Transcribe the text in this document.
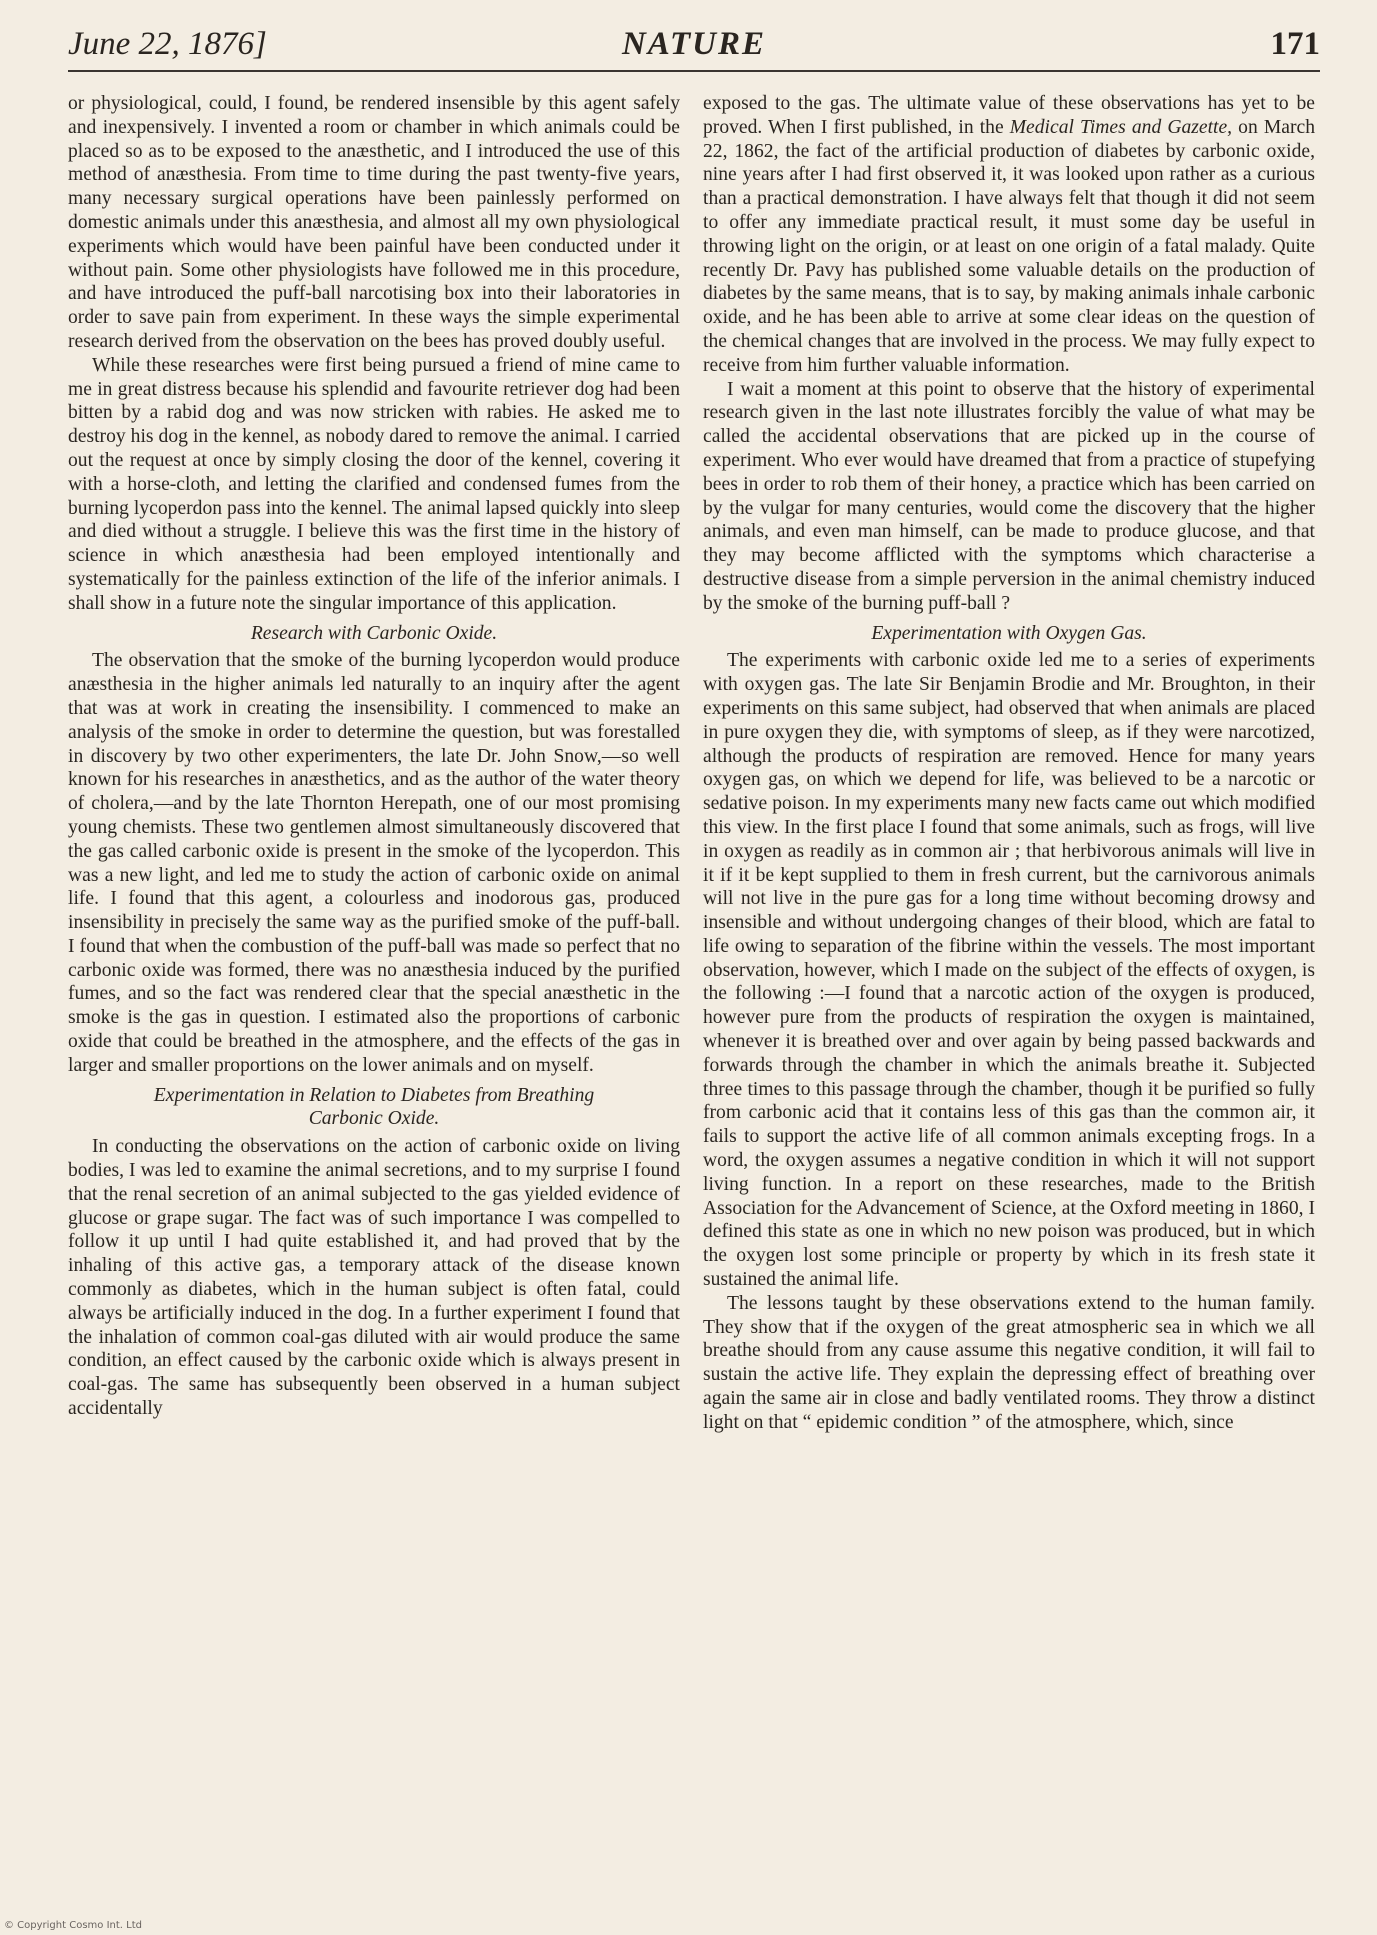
June 22, 1876]	NATURE	171

or physiological, could, I found, be rendered insensible by this agent safely and inexpensively. I invented a room or chamber in which animals could be placed so as to be exposed to the anæsthetic, and I introduced the use of this method of anæsthesia. From time to time during the past twenty-five years, many necessary surgical operations have been painlessly performed on domestic animals under this anæsthesia, and almost all my own physiological experiments which would have been painful have been conducted under it without pain. Some other physiologists have followed me in this procedure, and have introduced the puff-ball narcotising box into their laboratories in order to save pain from experiment. In these ways the simple experimental research derived from the observation on the bees has proved doubly useful.

While these researches were first being pursued a friend of mine came to me in great distress because his splendid and favourite retriever dog had been bitten by a rabid dog and was now stricken with rabies. He asked me to destroy his dog in the kennel, as nobody dared to remove the animal. I carried out the request at once by simply closing the door of the kennel, covering it with a horse-cloth, and letting the clarified and condensed fumes from the burning lycoperdon pass into the kennel. The animal lapsed quickly into sleep and died without a struggle. I believe this was the first time in the history of science in which anæsthesia had been employed intentionally and systematically for the painless extinction of the life of the inferior animals. I shall show in a future note the singular importance of this application.

Research with Carbonic Oxide.

The observation that the smoke of the burning lycoperdon would produce anæsthesia in the higher animals led naturally to an inquiry after the agent that was at work in creating the insensibility. I commenced to make an analysis of the smoke in order to determine the question, but was forestalled in discovery by two other experimenters, the late Dr. John Snow,—so well known for his researches in anæsthetics, and as the author of the water theory of cholera,—and by the late Thornton Herepath, one of our most promising young chemists. These two gentlemen almost simultaneously discovered that the gas called carbonic oxide is present in the smoke of the lycoperdon. This was a new light, and led me to study the action of carbonic oxide on animal life. I found that this agent, a colourless and inodorous gas, produced insensibility in precisely the same way as the purified smoke of the puff-ball. I found that when the combustion of the puff-ball was made so perfect that no carbonic oxide was formed, there was no anæsthesia induced by the purified fumes, and so the fact was rendered clear that the special anæsthetic in the smoke is the gas in question. I estimated also the proportions of carbonic oxide that could be breathed in the atmosphere, and the effects of the gas in larger and smaller proportions on the lower animals and on myself.

Experimentation in Relation to Diabetes from Breathing
Carbonic Oxide.

In conducting the observations on the action of carbonic oxide on living bodies, I was led to examine the animal secretions, and to my surprise I found that the renal secretion of an animal subjected to the gas yielded evidence of glucose or grape sugar. The fact was of such importance I was compelled to follow it up until I had quite established it, and had proved that by the inhaling of this active gas, a temporary attack of the disease known commonly as diabetes, which in the human subject is often fatal, could always be artificially induced in the dog. In a further experiment I found that the inhalation of common coal-gas diluted with air would produce the same condition, an effect caused by the carbonic oxide which is always present in coal-gas. The same has subsequently been observed in a human subject accidentally

exposed to the gas. The ultimate value of these observations has yet to be proved. When I first published, in the Medical Times and Gazette, on March 22, 1862, the fact of the artificial production of diabetes by carbonic oxide, nine years after I had first observed it, it was looked upon rather as a curious than a practical demonstration. I have always felt that though it did not seem to offer any immediate practical result, it must some day be useful in throwing light on the origin, or at least on one origin of a fatal malady. Quite recently Dr. Pavy has published some valuable details on the production of diabetes by the same means, that is to say, by making animals inhale carbonic oxide, and he has been able to arrive at some clear ideas on the question of the chemical changes that are involved in the process. We may fully expect to receive from him further valuable information.

I wait a moment at this point to observe that the history of experimental research given in the last note illustrates forcibly the value of what may be called the accidental observations that are picked up in the course of experiment. Who ever would have dreamed that from a practice of stupefying bees in order to rob them of their honey, a practice which has been carried on by the vulgar for many centuries, would come the discovery that the higher animals, and even man himself, can be made to produce glucose, and that they may become afflicted with the symptoms which characterise a destructive disease from a simple perversion in the animal chemistry induced by the smoke of the burning puff-ball ?

Experimentation with Oxygen Gas.

The experiments with carbonic oxide led me to a series of experiments with oxygen gas. The late Sir Benjamin Brodie and Mr. Broughton, in their experiments on this same subject, had observed that when animals are placed in pure oxygen they die, with symptoms of sleep, as if they were narcotized, although the products of respiration are removed. Hence for many years oxygen gas, on which we depend for life, was believed to be a narcotic or sedative poison. In my experiments many new facts came out which modified this view. In the first place I found that some animals, such as frogs, will live in oxygen as readily as in common air ; that herbivorous animals will live in it if it be kept supplied to them in fresh current, but the carnivorous animals will not live in the pure gas for a long time without becoming drowsy and insensible and without undergoing changes of their blood, which are fatal to life owing to separation of the fibrine within the vessels. The most important observation, however, which I made on the subject of the effects of oxygen, is the following :—I found that a narcotic action of the oxygen is produced, however pure from the products of respiration the oxygen is maintained, whenever it is breathed over and over again by being passed backwards and forwards through the chamber in which the animals breathe it. Subjected three times to this passage through the chamber, though it be purified so fully from carbonic acid that it contains less of this gas than the common air, it fails to support the active life of all common animals excepting frogs. In a word, the oxygen assumes a negative condition in which it will not support living function. In a report on these researches, made to the British Association for the Advancement of Science, at the Oxford meeting in 1860, I defined this state as one in which no new poison was produced, but in which the oxygen lost some principle or property by which in its fresh state it sustained the animal life.

The lessons taught by these observations extend to the human family. They show that if the oxygen of the great atmospheric sea in which we all breathe should from any cause assume this negative condition, it will fail to sustain the active life. They explain the depressing effect of breathing over again the same air in close and badly ventilated rooms. They throw a distinct light on that “ epidemic condition ” of the atmosphere, which, since

© Copyright Cosmo Int. Ltd
